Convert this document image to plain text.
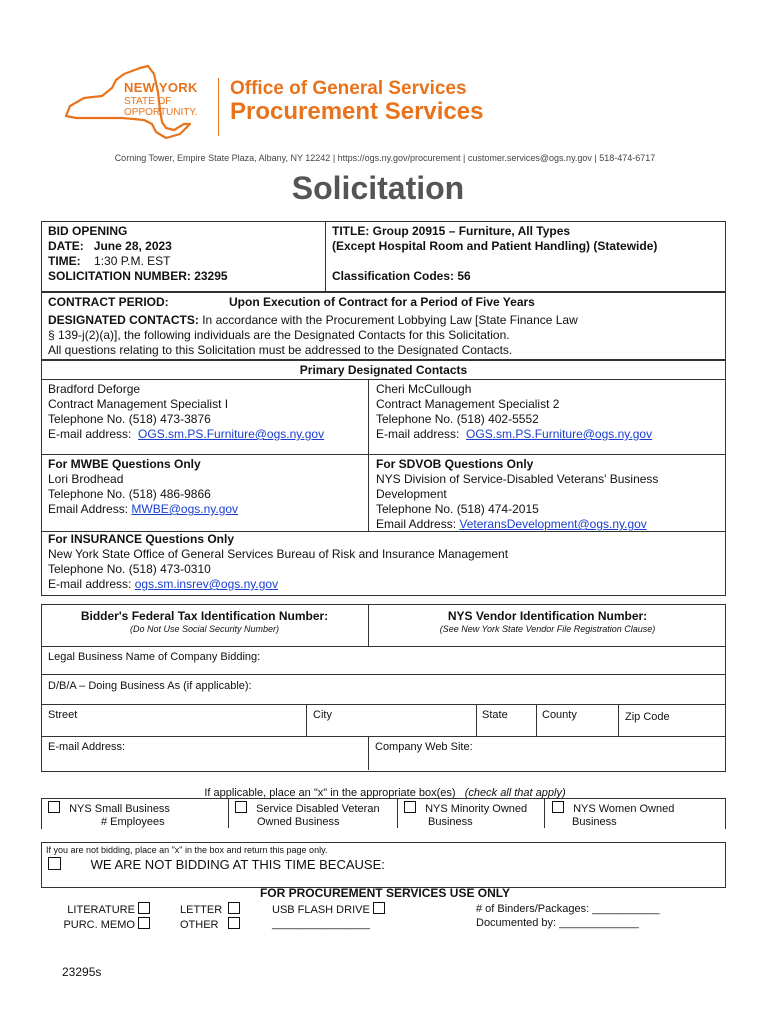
NEW YORK
STATE OF
OPPORTUNITY.
Office of General Services
Procurement Services
Corning Tower, Empire State Plaza, Albany, NY 12242 | https://ogs.ny.gov/procurement | customer.services@ogs.ny.gov | 518-474-6717
Solicitation
BID OPENING
DATE: June 28, 2023
TIME: 1:30 P.M. EST
SOLICITATION NUMBER: 23295
TITLE: Group 20915 – Furniture, All Types
(Except Hospital Room and Patient Handling) (Statewide)
Classification Codes: 56
CONTRACT PERIOD:	Upon Execution of Contract for a Period of Five Years
DESIGNATED CONTACTS: In accordance with the Procurement Lobbying Law [State Finance Law
§ 139-j(2)(a)], the following individuals are the Designated Contacts for this Solicitation.
All questions relating to this Solicitation must be addressed to the Designated Contacts.
Primary Designated Contacts
Bradford Deforge
Contract Management Specialist I
Telephone No. (518) 473-3876
E-mail address: OGS.sm.PS.Furniture@ogs.ny.gov
Cheri McCullough
Contract Management Specialist 2
Telephone No. (518) 402-5552
E-mail address: OGS.sm.PS.Furniture@ogs.ny.gov
For MWBE Questions Only
Lori Brodhead
Telephone No. (518) 486-9866
Email Address: MWBE@ogs.ny.gov
For SDVOB Questions Only
NYS Division of Service-Disabled Veterans' Business
Development
Telephone No. (518) 474-2015
Email Address: VeteransDevelopment@ogs.ny.gov
For INSURANCE Questions Only
New York State Office of General Services Bureau of Risk and Insurance Management
Telephone No. (518) 473-0310
E-mail address: ogs.sm.insrev@ogs.ny.gov
Bidder's Federal Tax Identification Number:
(Do Not Use Social Security Number)
NYS Vendor Identification Number:
(See New York State Vendor File Registration Clause)
Legal Business Name of Company Bidding:
D/B/A – Doing Business As (if applicable):
Street	City	State	County	Zip Code
E-mail Address:	Company Web Site:
If applicable, place an "x" in the appropriate box(es) (check all that apply)
NYS Small Business
# Employees
Service Disabled Veteran
Owned Business
NYS Minority Owned
Business
NYS Women Owned
Business
If you are not bidding, place an "x" in the box and return this page only.
WE ARE NOT BIDDING AT THIS TIME BECAUSE:
FOR PROCUREMENT SERVICES USE ONLY
LITERATURE
PURC. MEMO
LETTER
OTHER
USB FLASH DRIVE
________________
# of Binders/Packages: ___________
Documented by: _____________
23295s
